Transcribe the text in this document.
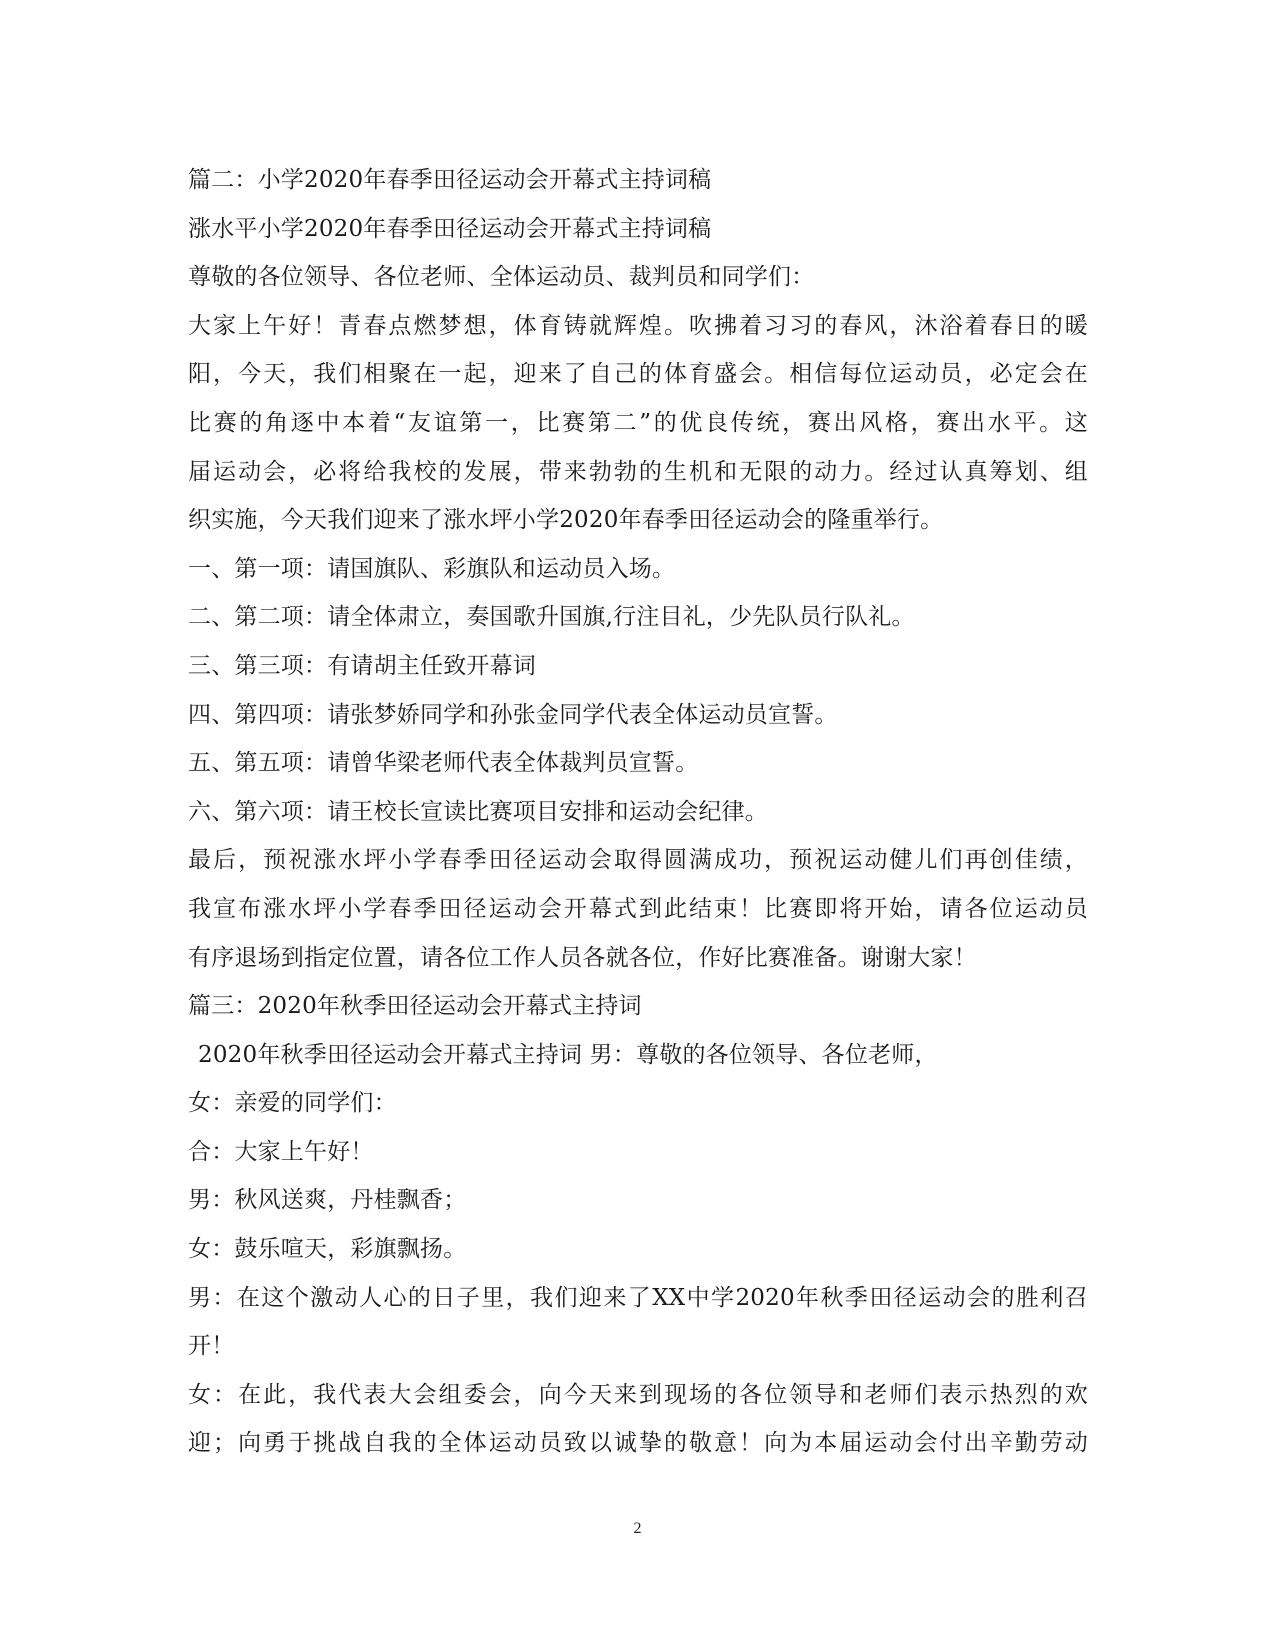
篇二：小学2020年春季田径运动会开幕式主持词稿
涨水平小学2020年春季田径运动会开幕式主持词稿
尊敬的各位领导、各位老师、全体运动员、裁判员和同学们：
大家上午好！青春点燃梦想，体育铸就辉煌。吹拂着习习的春风，沐浴着春日的暖
阳，今天，我们相聚在一起，迎来了自己的体育盛会。相信每位运动员，必定会在
比赛的角逐中本着“友谊第一，比赛第二”的优良传统，赛出风格，赛出水平。这
届运动会，必将给我校的发展，带来勃勃的生机和无限的动力。经过认真筹划、组
织实施，今天我们迎来了涨水坪小学2020年春季田径运动会的隆重举行。
一、第一项：请国旗队、彩旗队和运动员入场。
二、第二项：请全体肃立，奏国歌升国旗,行注目礼，少先队员行队礼。
三、第三项：有请胡主任致开幕词
四、第四项：请张梦娇同学和孙张金同学代表全体运动员宣誓。
五、第五项：请曾华梁老师代表全体裁判员宣誓。
六、第六项：请王校长宣读比赛项目安排和运动会纪律。
最后，预祝涨水坪小学春季田径运动会取得圆满成功，预祝运动健儿们再创佳绩，
我宣布涨水坪小学春季田径运动会开幕式到此结束！比赛即将开始，请各位运动员
有序退场到指定位置，请各位工作人员各就各位，作好比赛准备。谢谢大家！
篇三：2020年秋季田径运动会开幕式主持词
2020年秋季田径运动会开幕式主持词 男：尊敬的各位领导、各位老师，
女：亲爱的同学们：
合：大家上午好！
男：秋风送爽，丹桂飘香；
女：鼓乐喧天，彩旗飘扬。
男：在这个激动人心的日子里，我们迎来了XX中学2020年秋季田径运动会的胜利召
开！
女：在此，我代表大会组委会，向今天来到现场的各位领导和老师们表示热烈的欢
迎；向勇于挑战自我的全体运动员致以诚挚的敬意！向为本届运动会付出辛勤劳动
2
